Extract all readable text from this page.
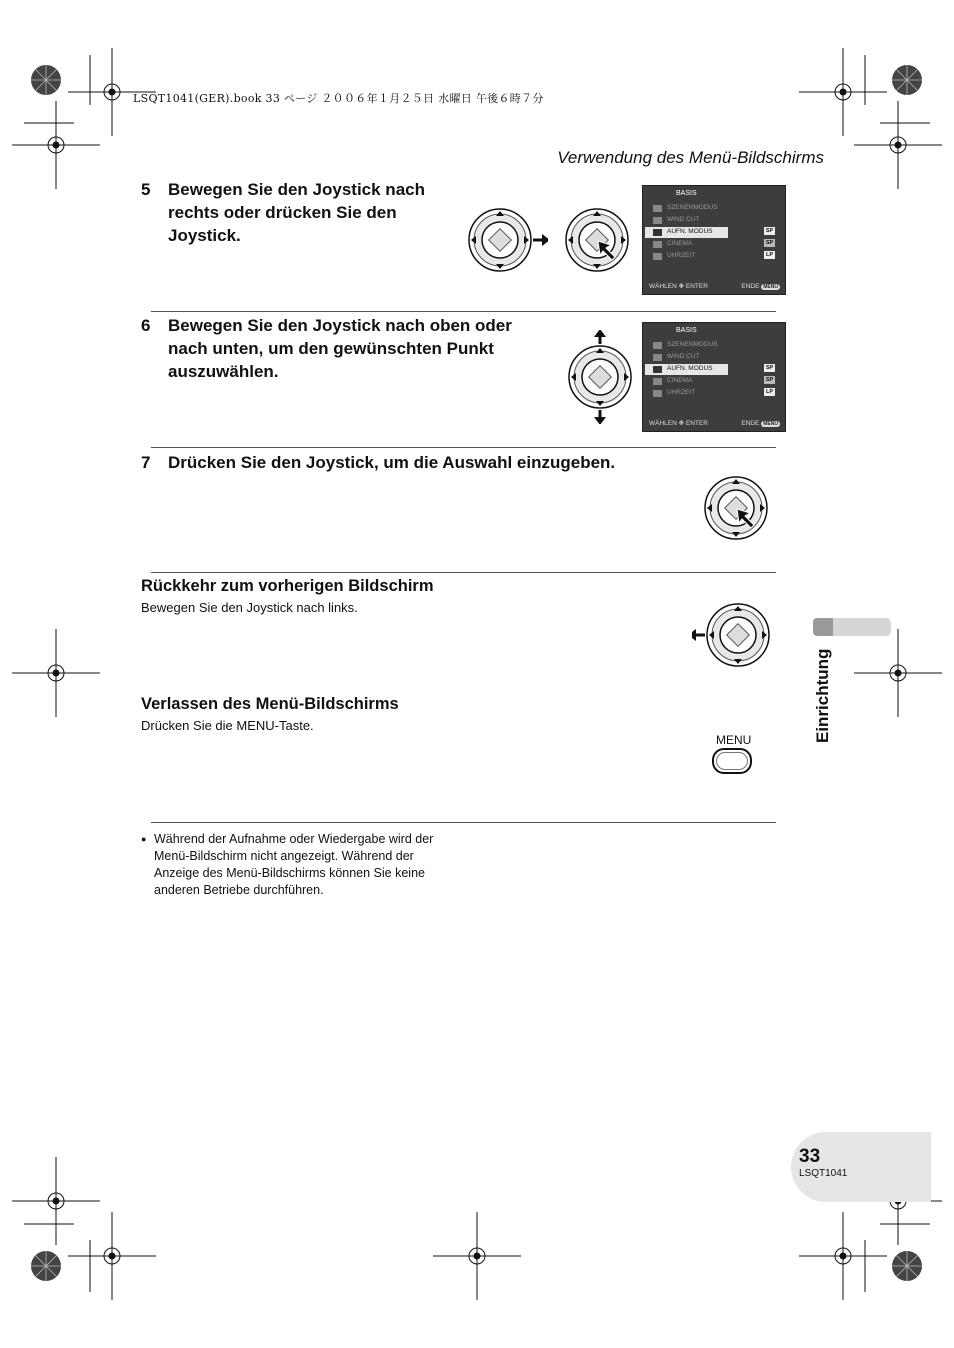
LSQT1041(GER).book 33 ページ ２００６年１月２５日 水曜日 午後６時７分
Verwendung des Menü-Bildschirms
5 Bewegen Sie den Joystick nach
rechts oder drücken Sie den
Joystick.
BASIS
SZENENMODUS
WIND CUT
AUFN. MODUS
CINEMA
UHRZEIT
SP
SP
LP
WÄHLEN ✥ ENTER	ENDE MENU
6 Bewegen Sie den Joystick nach oben oder
nach unten, um den gewünschten Punkt
auszuwählen.
BASIS
SZENENMODUS
WIND CUT
AUFN. MODUS
CINEMA
UHRZEIT
SP
SP
LP
WÄHLEN ✥ ENTER	ENDE MENU
7 Drücken Sie den Joystick, um die Auswahl einzugeben.
Rückkehr zum vorherigen Bildschirm
Bewegen Sie den Joystick nach links.
Verlassen des Menü-Bildschirms
Drücken Sie die MENU-Taste.
MENU
● Während der Aufnahme oder Wiedergabe wird der
Menü-Bildschirm nicht angezeigt. Während der
Anzeige des Menü-Bildschirms können Sie keine
anderen Betriebe durchführen.
Einrichtung
33
LSQT1041
